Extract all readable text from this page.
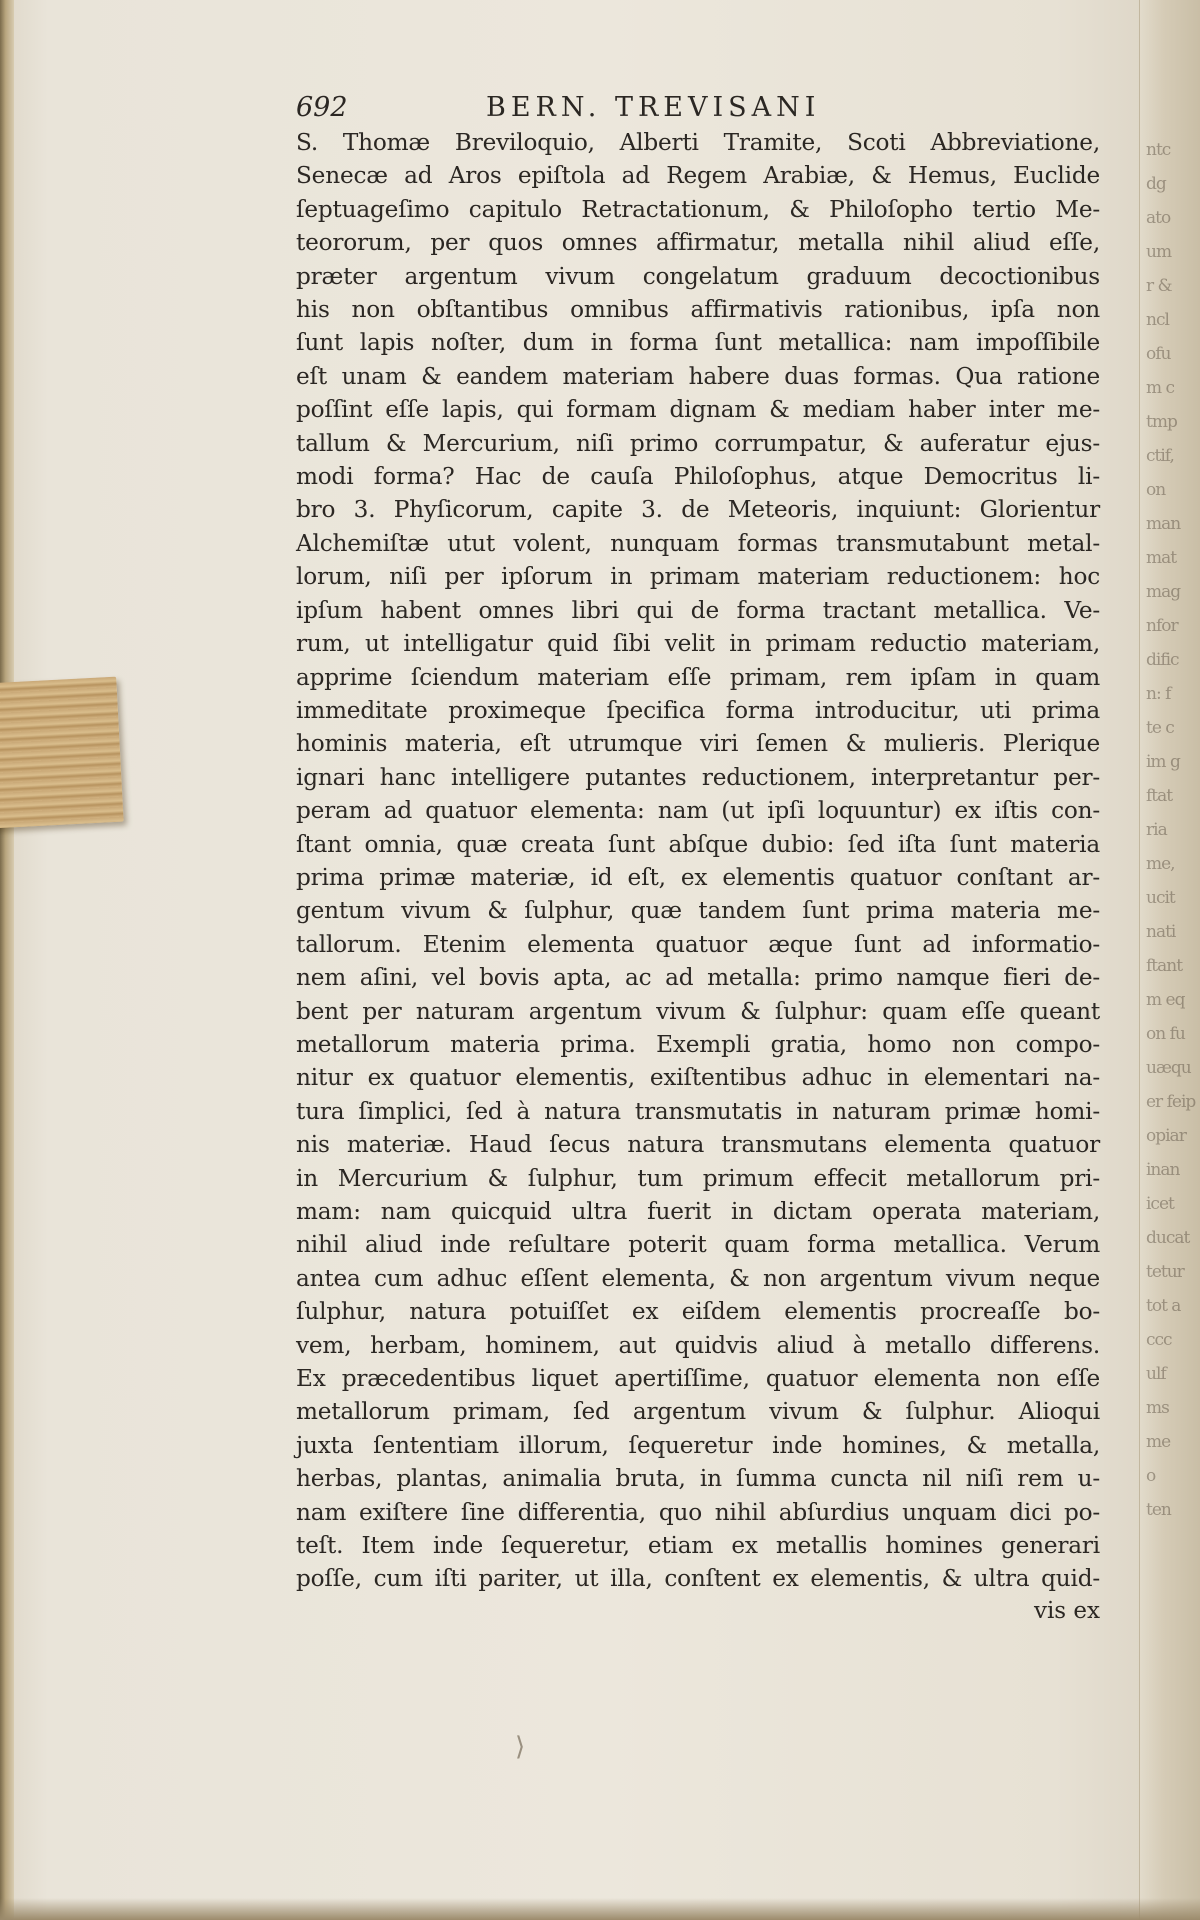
ntc
dg
ato
um
r &
ncl
ofu
m c
tmp
ctif,
on
man
mat
mag
nfor
dific
n: f
te c
im g
ftat
ria
me,
ucit
nati
ftant
m eq
on fu
uæqu
er feip
opiar
inan
icet
ducat
tetur
tot a
ccc
ulf
ms
me
o
ten
692	BERN. TREVISANI
S. Thomæ Breviloquio, Alberti Tramite, Scoti Abbreviatione,
Senecæ ad Aros epiſtola ad Regem Arabiæ, & Hemus, Euclide
ſeptuageſimo capitulo Retractationum, & Philoſopho tertio Me-
teororum, per quos omnes affirmatur, metalla nihil aliud eſſe,
præter argentum vivum congelatum graduum decoctionibus
his non obſtantibus omnibus affirmativis rationibus, ipſa non
ſunt lapis noſter, dum in forma ſunt metallica: nam impoſſibile
eſt unam & eandem materiam habere duas formas. Qua ratione
poſſint eſſe lapis, qui formam dignam & mediam haber inter me-
tallum & Mercurium, niſi primo corrumpatur, & auferatur ejus-
modi forma? Hac de cauſa Philoſophus, atque Democritus li-
bro 3. Phyſicorum, capite 3. de Meteoris, inquiunt: Glorientur
Alchemiſtæ utut volent, nunquam formas transmutabunt metal-
lorum, niſi per ipſorum in primam materiam reductionem: hoc
ipſum habent omnes libri qui de forma tractant metallica. Ve-
rum, ut intelligatur quid ſibi velit in primam reductio materiam,
apprime ſciendum materiam eſſe primam, rem ipſam in quam
immeditate proximeque ſpecifica forma introducitur, uti prima
hominis materia, eſt utrumque viri ſemen & mulieris. Plerique
ignari hanc intelligere putantes reductionem, interpretantur per-
peram ad quatuor elementa: nam (ut ipſi loquuntur) ex iſtis con-
ſtant omnia, quæ creata ſunt abſque dubio: ſed iſta ſunt materia
prima primæ materiæ, id eſt, ex elementis quatuor conſtant ar-
gentum vivum & ſulphur, quæ tandem ſunt prima materia me-
tallorum. Etenim elementa quatuor æque ſunt ad informatio-
nem aſini, vel bovis apta, ac ad metalla: primo namque fieri de-
bent per naturam argentum vivum & ſulphur: quam eſſe queant
metallorum materia prima. Exempli gratia, homo non compo-
nitur ex quatuor elementis, exiſtentibus adhuc in elementari na-
tura ſimplici, ſed à natura transmutatis in naturam primæ homi-
nis materiæ. Haud ſecus natura transmutans elementa quatuor
in Mercurium & ſulphur, tum primum effecit metallorum pri-
mam: nam quicquid ultra fuerit in dictam operata materiam,
nihil aliud inde reſultare poterit quam forma metallica. Verum
antea cum adhuc eſſent elementa, & non argentum vivum neque
ſulphur, natura potuiſſet ex eiſdem elementis procreaſſe bo-
vem, herbam, hominem, aut quidvis aliud à metallo differens.
Ex præcedentibus liquet apertiſſime, quatuor elementa non eſſe
metallorum primam, ſed argentum vivum & ſulphur. Alioqui
juxta ſententiam illorum, ſequeretur inde homines, & metalla,
herbas, plantas, animalia bruta, in ſumma cuncta nil niſi rem u-
nam exiſtere ſine differentia, quo nihil abſurdius unquam dici po-
teſt. Item inde ſequeretur, etiam ex metallis homines generari
poſſe, cum iſti pariter, ut illa, conſtent ex elementis, & ultra quid-
vis ex
⟩
